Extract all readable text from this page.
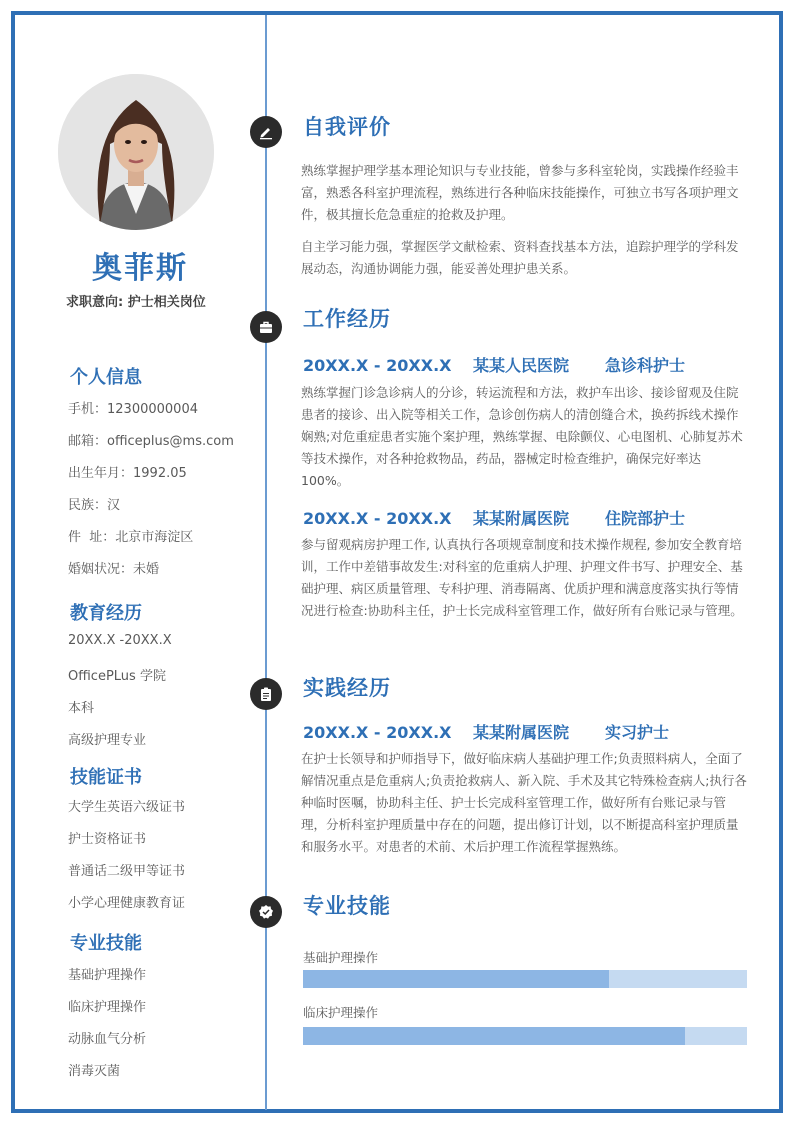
奥菲斯
求职意向: 护士相关岗位
个人信息
手机：12300000004
邮箱：officeplus@ms.com
出生年月：1992.05
民族：汉
件  址：北京市海淀区
婚姻状况：未婚
教育经历
20XX.X -20XX.X
OfficePLus 学院
本科
高级护理专业
技能证书
大学生英语六级证书
护士资格证书
普通话二级甲等证书
小学心理健康教育证
专业技能
基础护理操作
临床护理操作
动脉血气分析
消毒灭菌
自我评价

熟练掌握护理学基本理论知识与专业技能，曾参与多科室轮岗，实践操作经验丰富，熟悉各科室护理流程，熟练进行各种临床技能操作，可独立书写各项护理文件，极其擅长危急重症的抢救及护理。

自主学习能力强，掌握医学文献检索、资料查找基本方法，追踪护理学的学科发展动态，沟通协调能力强，能妥善处理护患关系。

工作经历
20XX.X - 20XX.X 某某人民医院 急诊科护士

熟练掌握门诊急诊病人的分诊，转运流程和方法，救护车出诊、接诊留观及住院患者的接诊、出入院等相关工作，急诊创伤病人的清创缝合术，换药拆线术操作娴熟;对危重症患者实施个案护理，熟练掌握、电除颤仪、心电图机、心肺复苏术等技术操作，对各种抢救物品，药品，器械定时检查维护，确保完好率达 100%。

20XX.X - 20XX.X 某某附属医院 住院部护士

参与留观病房护理工作, 认真执行各项规章制度和技术操作规程, 参加安全教育培训，工作中差错事故发生:对科室的危重病人护理、护理文件书写、护理安全、基础护理、病区质量管理、专科护理、消毒隔离、优质护理和满意度落实执行等情况进行检查:协助科主任，护士长完成科室管理工作，做好所有台账记录与管理。

实践经历
20XX.X - 20XX.X 某某附属医院 实习护士

在护士长领导和护师指导下，做好临床病人基础护理工作;负责照料病人，全面了解情况重点是危重病人;负责抢救病人、新入院、手术及其它特殊检查病人;执行各种临时医嘱，协助科主任、护士长完成科室管理工作，做好所有台账记录与管理，分析科室护理质量中存在的问题，提出修订计划，以不断提高科室护理质量和服务水平。对患者的术前、术后护理工作流程掌握熟练。

专业技能
基础护理操作
临床护理操作
